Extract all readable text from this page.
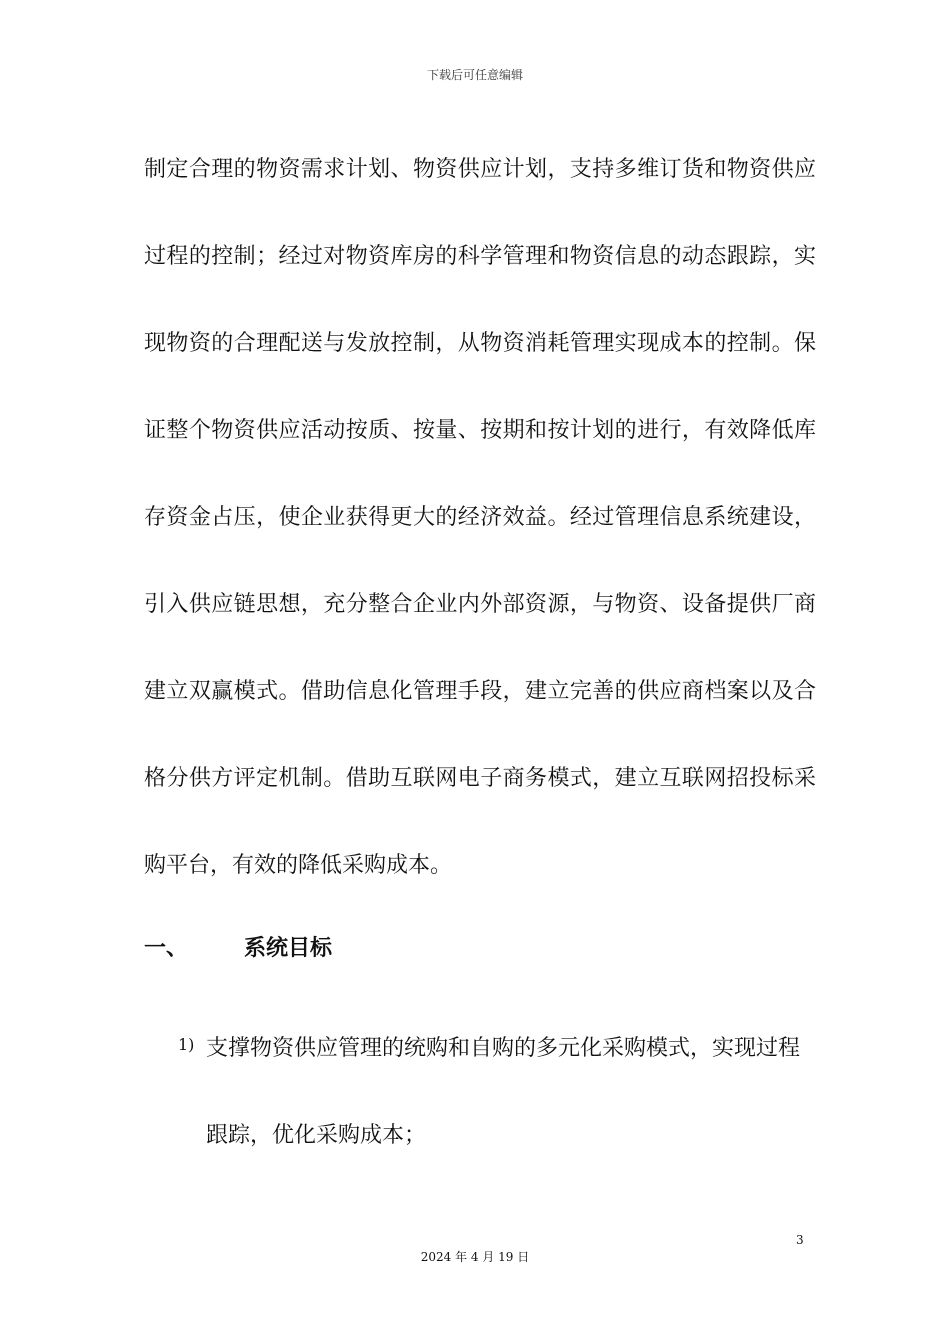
下载后可任意编辑

制定合理的物资需求计划、物资供应计划，支持多维订货和物资供应过程的控制；经过对物资库房的科学管理和物资信息的动态跟踪，实现物资的合理配送与发放控制，从物资消耗管理实现成本的控制。保证整个物资供应活动按质、按量、按期和按计划的进行，有效降低库存资金占压，使企业获得更大的经济效益。经过管理信息系统建设，引入供应链思想，充分整合企业内外部资源，与物资、设备提供厂商建立双赢模式。借助信息化管理手段，建立完善的供应商档案以及合格分供方评定机制。借助互联网电子商务模式，建立互联网招投标采购平台，有效的降低采购成本。

一、	系统目标
1) 支撑物资供应管理的统购和自购的多元化采购模式，实现过程跟踪，优化采购成本；

3
2024 年 4 月 19 日
